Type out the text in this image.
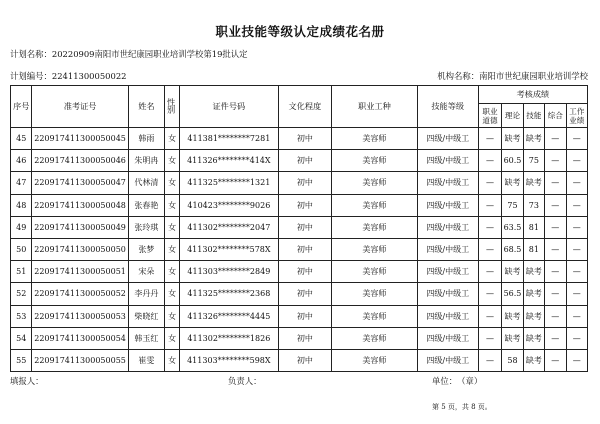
职业技能等级认定成绩花名册
计划名称：20220909南阳市世纪康园职业培训学校第19批认定
计划编号：22411300050022	机构名称：南阳市世纪康园职业培训学校
序号	准考证号	姓名	性别	证件号码	文化程度	职业工种	技能等级	考核成绩				
								职业道德	理论	技能	综合	工作业绩
45	220917411300050045	韩雨	女	411381********7281	初中	美容师	四级/中级工	—	缺考	缺考	—	—
46	220917411300050046	朱明冉	女	411326********414X	初中	美容师	四级/中级工	—	60.5	75	—	—
47	220917411300050047	代林清	女	411325********1321	初中	美容师	四级/中级工	—	缺考	缺考	—	—
48	220917411300050048	张春艳	女	410423********9026	初中	美容师	四级/中级工	—	75	73	—	—
49	220917411300050049	张玲琪	女	411302********2047	初中	美容师	四级/中级工	—	63.5	81	—	—
50	220917411300050050	张梦	女	411302********578X	初中	美容师	四级/中级工	—	68.5	81	—	—
51	220917411300050051	宋朵	女	411303********2849	初中	美容师	四级/中级工	—	缺考	缺考	—	—
52	220917411300050052	李丹丹	女	411325********2368	初中	美容师	四级/中级工	—	56.5	缺考	—	—
53	220917411300050053	柴晓红	女	411326********4445	初中	美容师	四级/中级工	—	缺考	缺考	—	—
54	220917411300050054	韩玉红	女	411302********1826	初中	美容师	四级/中级工	—	缺考	缺考	—	—
55	220917411300050055	崔雯	女	411303********598X	初中	美容师	四级/中级工	—	58	缺考	—	—
填报人：	负责人：	单位：　（章）
第 5 页，共 8 页。
